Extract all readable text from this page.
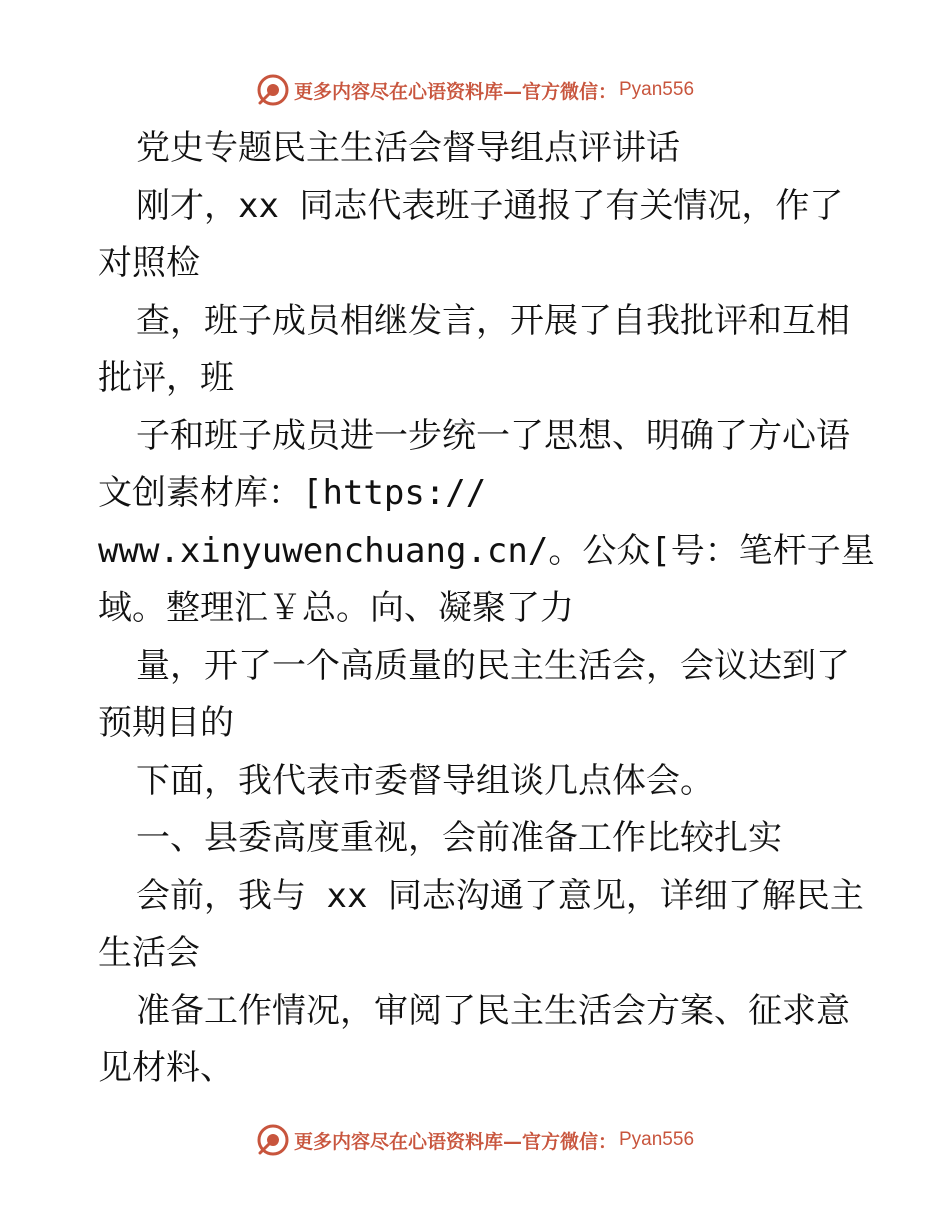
更多内容尽在心语资料库—官方微信： Pyan556
党史专题民主生活会督导组点评讲话
刚才，xx 同志代表班子通报了有关情况，作了
对照检
查，班子成员相继发言，开展了自我批评和互相
批评，班
子和班子成员进一步统一了思想、明确了方心语
文创素材库：[https://
www.xinyuwenchuang.cn/。公众[号：笔杆子星
域。整理汇￥总。向、凝聚了力
量，开了一个高质量的民主生活会，会议达到了
预期目的
下面，我代表市委督导组谈几点体会。
一、县委高度重视，会前准备工作比较扎实
会前，我与 xx 同志沟通了意见，详细了解民主
生活会
准备工作情况，审阅了民主生活会方案、征求意
见材料、
更多内容尽在心语资料库—官方微信： Pyan556
